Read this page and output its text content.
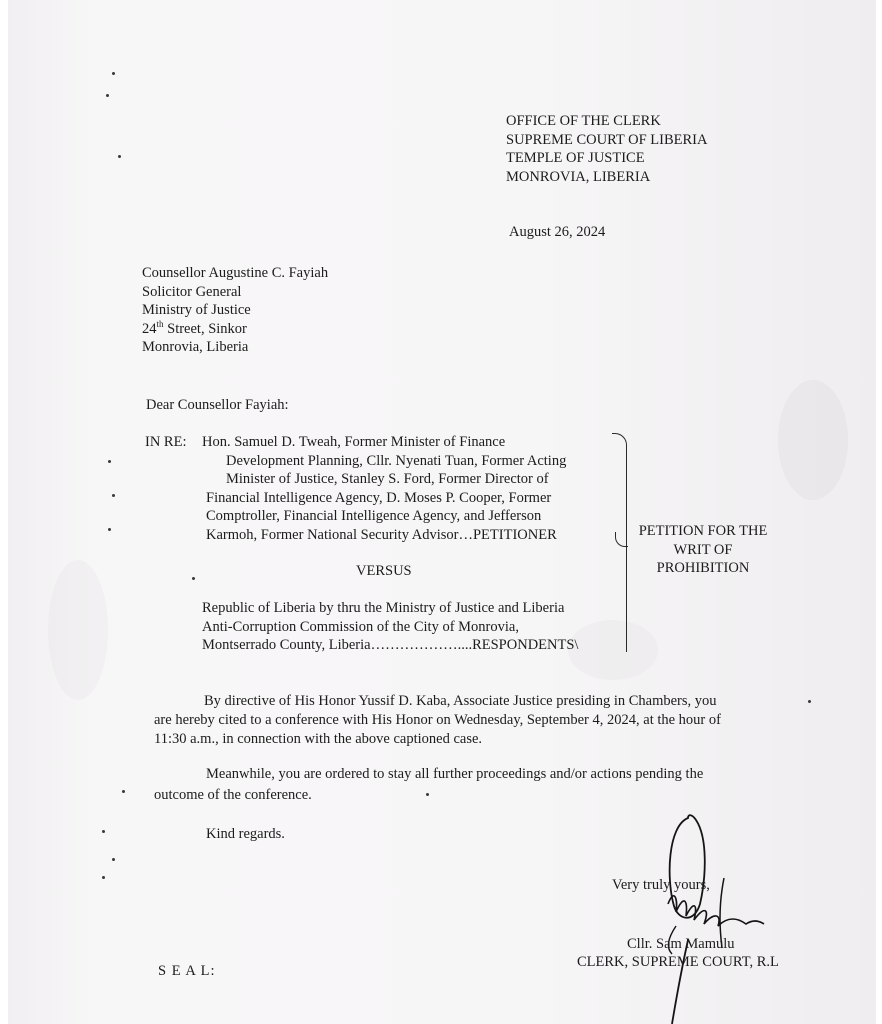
OFFICE OF THE CLERK
SUPREME COURT OF LIBERIA
TEMPLE OF JUSTICE
MONROVIA, LIBERIA
August 26, 2024
Counsellor Augustine C. Fayiah
Solicitor General
Ministry of Justice
24th Street, Sinkor
Monrovia, Liberia
Dear Counsellor Fayiah:
IN RE: Hon. Samuel D. Tweah, Former Minister of Finance
Development Planning, Cllr. Nyenati Tuan, Former Acting
Minister of Justice, Stanley S. Ford, Former Director of
Financial Intelligence Agency, D. Moses P. Cooper, Former
Comptroller, Financial Intelligence Agency, and Jefferson
Karmoh, Former National Security Advisor…PETITIONER
VERSUS
Republic of Liberia by thru the Ministry of Justice and Liberia
Anti-Corruption Commission of the City of Monrovia,
Montserrado County, Liberia………………....RESPONDENTS\
PETITION FOR THE
WRIT OF
PROHIBITION
By directive of His Honor Yussif D. Kaba, Associate Justice presiding in Chambers, you
are hereby cited to a conference with His Honor on Wednesday, September 4, 2024, at the hour of
11:30 a.m., in connection with the above captioned case.
Meanwhile, you are ordered to stay all further proceedings and/or actions pending the
outcome of the conference.
Kind regards.
Very truly yours,
Cllr. Sam Mamulu
CLERK, SUPREME COURT, R.L
S E A L:
